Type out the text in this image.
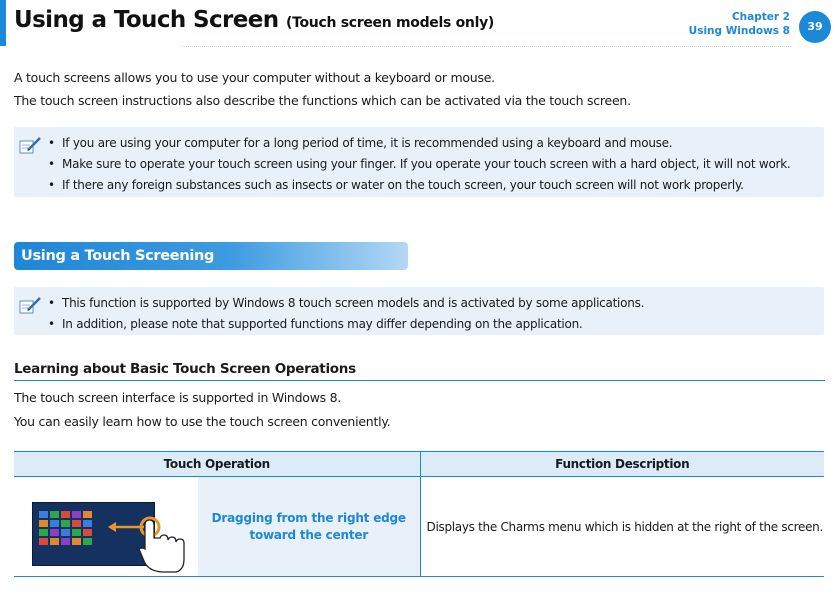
Using a Touch Screen (Touch screen models only)	Chapter 2
Using Windows 8	39
A touch screens allows you to use your computer without a keyboard or mouse.
The touch screen instructions also describe the functions which can be activated via the touch screen.
• If you are using your computer for a long period of time, it is recommended using a keyboard and mouse.
• Make sure to operate your touch screen using your finger. If you operate your touch screen with a hard object, it will not work.
• If there any foreign substances such as insects or water on the touch screen, your touch screen will not work properly.
Using a Touch Screening
• This function is supported by Windows 8 touch screen models and is activated by some applications.
• In addition, please note that supported functions may differ depending on the application.
Learning about Basic Touch Screen Operations
The touch screen interface is supported in Windows 8.
You can easily learn how to use the touch screen conveniently.
Touch Operation		Function Description
	Dragging from the right edge toward the center	Displays the Charms menu which is hidden at the right of the screen.
